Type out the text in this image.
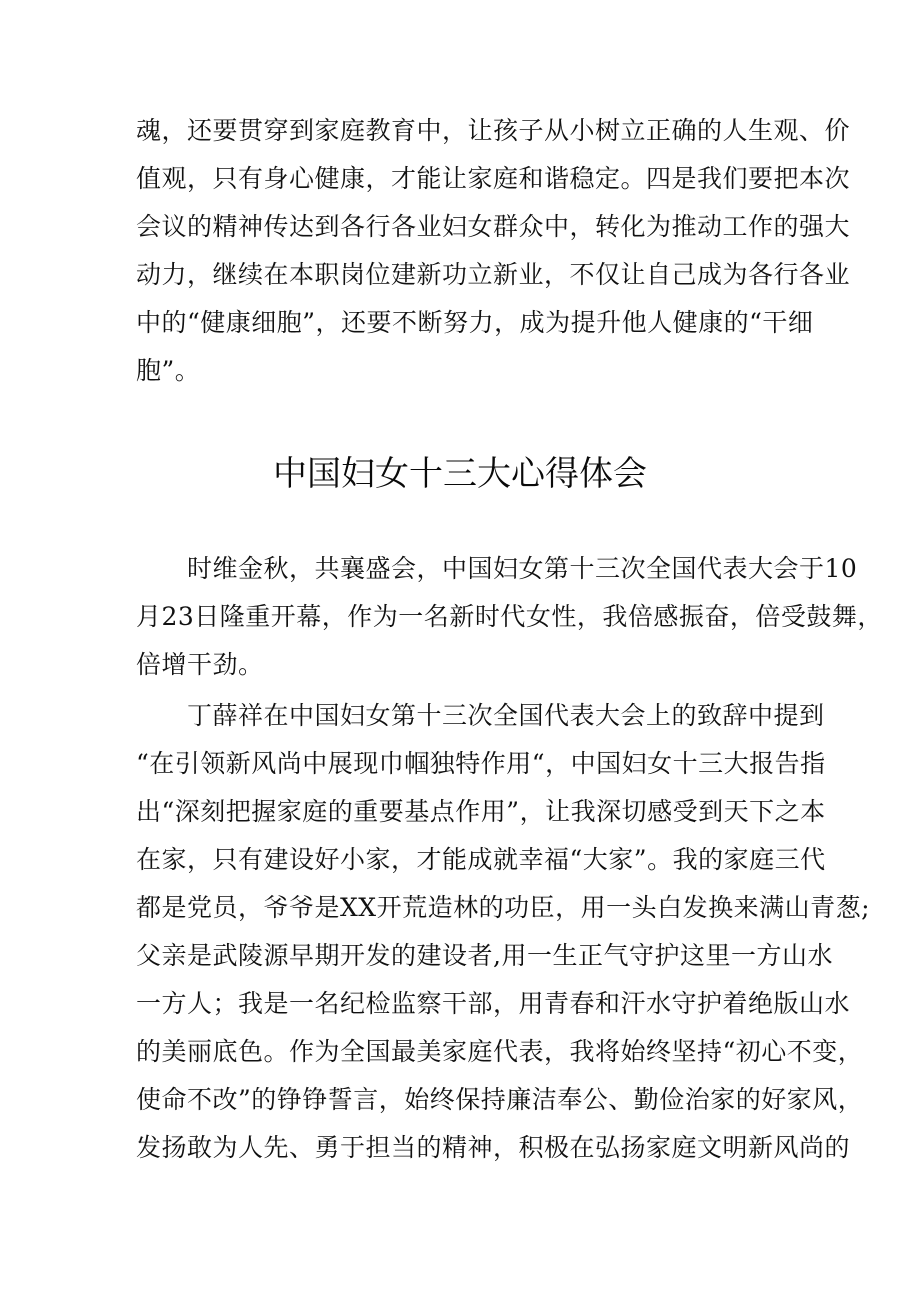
魂，还要贯穿到家庭教育中，让孩子从小树立正确的人生观、价
值观，只有身心健康，才能让家庭和谐稳定。四是我们要把本次
会议的精神传达到各行各业妇女群众中，转化为推动工作的强大
动力，继续在本职岗位建新功立新业，不仅让自己成为各行各业
中的“健康细胞”，还要不断努力，成为提升他人健康的“干细
胞”。
中国妇女十三大心得体会
　　时维金秋，共襄盛会，中国妇女第十三次全国代表大会于10
月23日隆重开幕，作为一名新时代女性，我倍感振奋，倍受鼓舞，
倍增干劲。
　　丁薛祥在中国妇女第十三次全国代表大会上的致辞中提到
“在引领新风尚中展现巾帼独特作用“，中国妇女十三大报告指
出“深刻把握家庭的重要基点作用”，让我深切感受到天下之本
在家，只有建设好小家，才能成就幸福“大家”。我的家庭三代
都是党员，爷爷是XX开荒造林的功臣，用一头白发换来满山青葱;
父亲是武陵源早期开发的建设者,用一生正气守护这里一方山水
一方人；我是一名纪检监察干部，用青春和汗水守护着绝版山水
的美丽底色。作为全国最美家庭代表，我将始终坚持“初心不变，
使命不改”的铮铮誓言，始终保持廉洁奉公、勤俭治家的好家风，
发扬敢为人先、勇于担当的精神，积极在弘扬家庭文明新风尚的
